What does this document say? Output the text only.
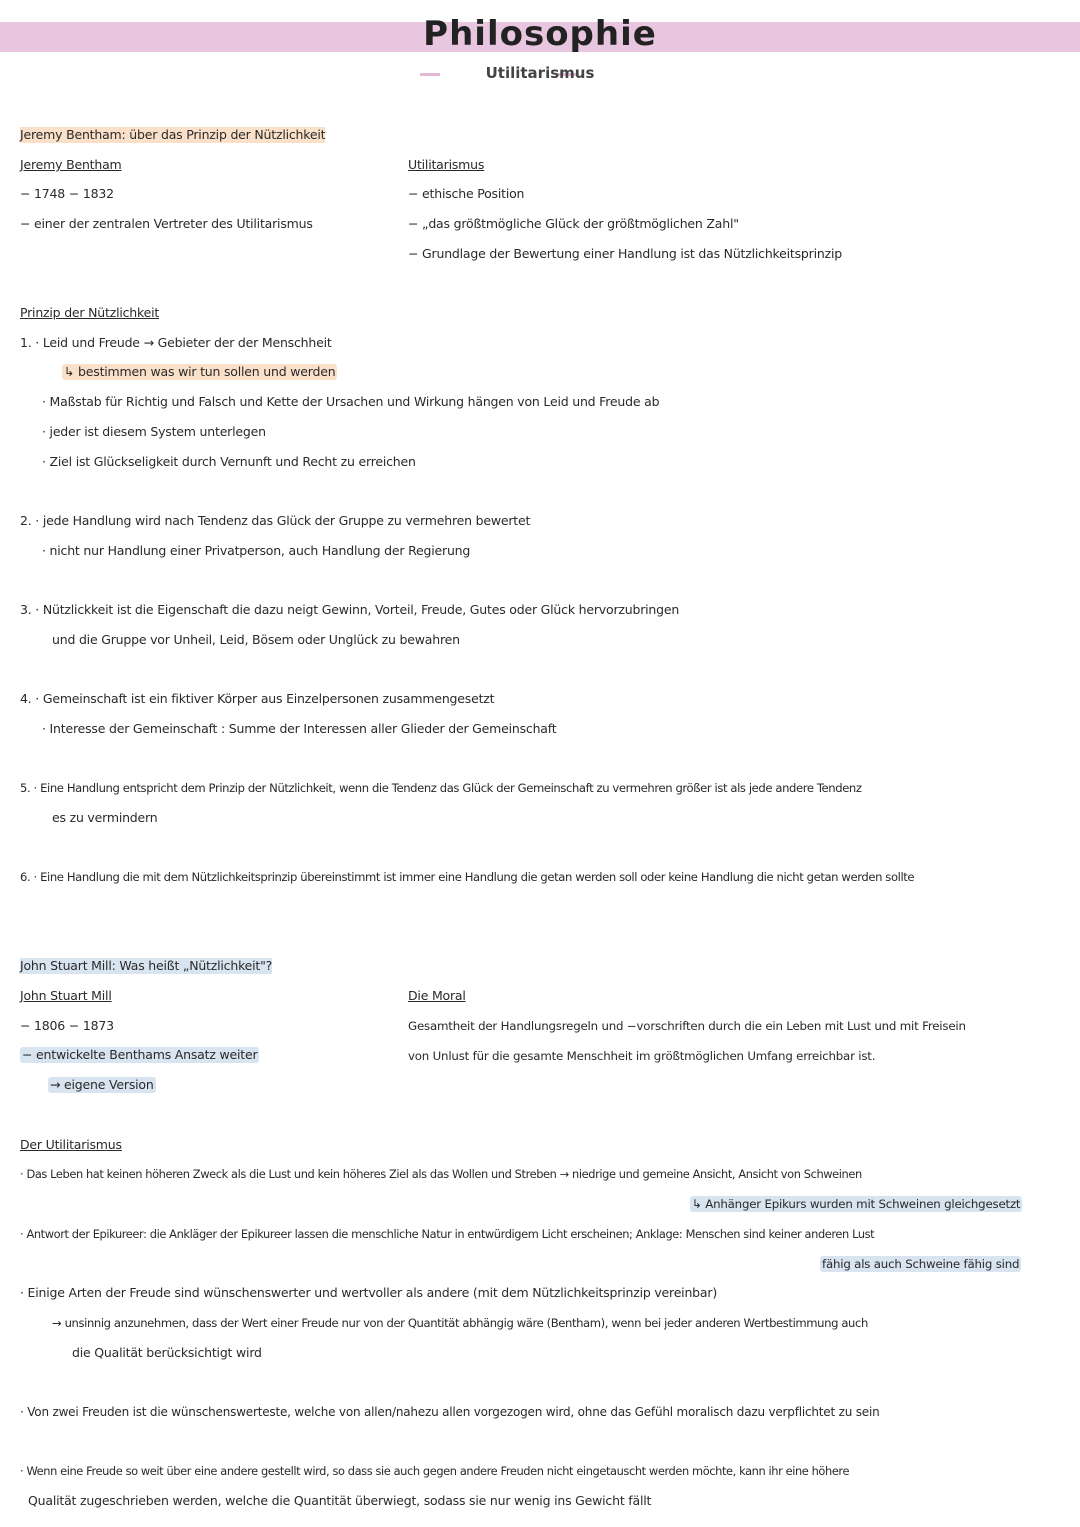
Philosophie
Utilitarismus
Jeremy Bentham: über das Prinzip der Nützlichkeit
Jeremy Bentham
− 1748 − 1832
− einer der zentralen Vertreter des Utilitarismus
Utilitarismus
− ethische Position
− „das größtmögliche Glück der größtmöglichen Zahl"
− Grundlage der Bewertung einer Handlung ist das Nützlichkeitsprinzip
Prinzip der Nützlichkeit
1. · Leid und Freude → Gebieter der der Menschheit
↳ bestimmen was wir tun sollen und werden
· Maßstab für Richtig und Falsch und Kette der Ursachen und Wirkung hängen von Leid und Freude ab
· jeder ist diesem System unterlegen
· Ziel ist Glückseligkeit durch Vernunft und Recht zu erreichen
2. · jede Handlung wird nach Tendenz das Glück der Gruppe zu vermehren bewertet
· nicht nur Handlung einer Privatperson, auch Handlung der Regierung
3. · Nützlickkeit ist die Eigenschaft die dazu neigt Gewinn, Vorteil, Freude, Gutes oder Glück hervorzubringen
und die Gruppe vor Unheil, Leid, Bösem oder Unglück zu bewahren
4. · Gemeinschaft ist ein fiktiver Körper aus Einzelpersonen zusammengesetzt
· Interesse der Gemeinschaft : Summe der Interessen aller Glieder der Gemeinschaft
5. · Eine Handlung entspricht dem Prinzip der Nützlichkeit, wenn die Tendenz das Glück der Gemeinschaft zu vermehren größer ist als jede andere Tendenz
es zu vermindern
6. · Eine Handlung die mit dem Nützlichkeitsprinzip übereinstimmt ist immer eine Handlung die getan werden soll oder keine Handlung die nicht getan werden sollte
John Stuart Mill: Was heißt „Nützlichkeit"?
John Stuart Mill
− 1806 − 1873
− entwickelte Benthams Ansatz weiter
→ eigene Version
Die Moral
Gesamtheit der Handlungsregeln und −vorschriften durch die ein Leben mit Lust und mit Freisein
von Unlust für die gesamte Menschheit im größtmöglichen Umfang erreichbar ist.
Der Utilitarismus
· Das Leben hat keinen höheren Zweck als die Lust und kein höheres Ziel als das Wollen und Streben → niedrige und gemeine Ansicht, Ansicht von Schweinen
↳ Anhänger Epikurs wurden mit Schweinen gleichgesetzt
· Antwort der Epikureer: die Ankläger der Epikureer lassen die menschliche Natur in entwürdigem Licht erscheinen; Anklage: Menschen sind keiner anderen Lust
fähig als auch Schweine fähig sind
· Einige Arten der Freude sind wünschenswerter und wertvoller als andere (mit dem Nützlichkeitsprinzip vereinbar)
→ unsinnig anzunehmen, dass der Wert einer Freude nur von der Quantität abhängig wäre (Bentham), wenn bei jeder anderen Wertbestimmung auch
die Qualität berücksichtigt wird
· Von zwei Freuden ist die wünschenswerteste, welche von allen/nahezu allen vorgezogen wird, ohne das Gefühl moralisch dazu verpflichtet zu sein
· Wenn eine Freude so weit über eine andere gestellt wird, so dass sie auch gegen andere Freuden nicht eingetauscht werden möchte, kann ihr eine höhere
Qualität zugeschrieben werden, welche die Quantität überwiegt, sodass sie nur wenig ins Gewicht fällt
